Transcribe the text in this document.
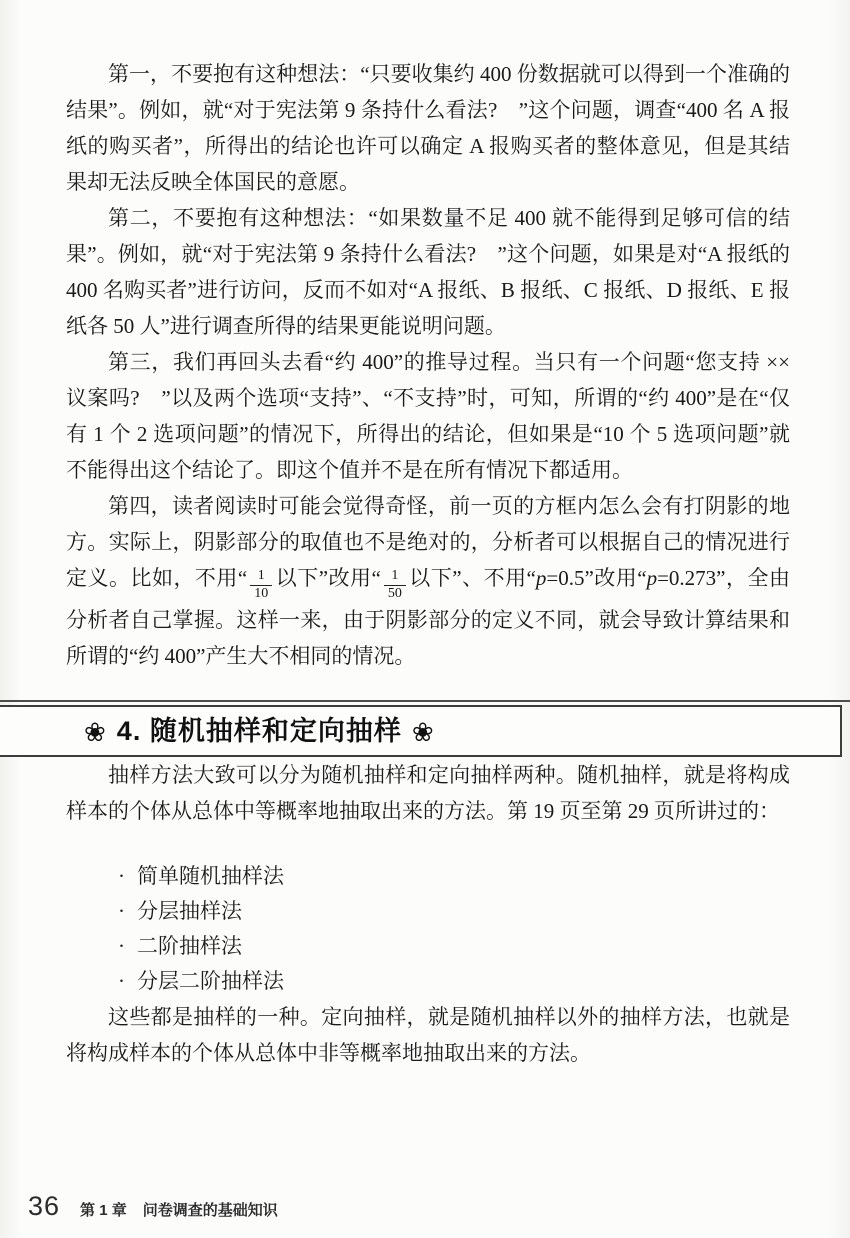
第一，不要抱有这种想法：“只要收集约 400 份数据就可以得到一个准确的结果”。例如，就“对于宪法第 9 条持什么看法?　”这个问题，调查“400 名 A 报纸的购买者”，所得出的结论也许可以确定 A 报购买者的整体意见，但是其结果却无法反映全体国民的意愿。

第二，不要抱有这种想法：“如果数量不足 400 就不能得到足够可信的结果”。例如，就“对于宪法第 9 条持什么看法?　”这个问题，如果是对“A 报纸的 400 名购买者”进行访问，反而不如对“A 报纸、B 报纸、C 报纸、D 报纸、E 报纸各 50 人”进行调查所得的结果更能说明问题。

第三，我们再回头去看“约 400”的推导过程。当只有一个问题“您支持 ×× 议案吗?　”以及两个选项“支持”、“不支持”时，可知，所谓的“约 400”是在“仅有 1 个 2 选项问题”的情况下，所得出的结论，但如果是“10 个 5 选项问题”就不能得出这个结论了。即这个值并不是在所有情况下都适用。

第四，读者阅读时可能会觉得奇怪，前一页的方框内怎么会有打阴影的地方。实际上，阴影部分的取值也不是绝对的，分析者可以根据自己的情况进行定义。比如，不用“ $\frac{1}{10}$ 以下”改用“ $\frac{1}{50}$ 以下”、不用“p=0.5”改用“p=0.273”，全由分析者自己掌握。这样一来，由于阴影部分的定义不同，就会导致计算结果和所谓的“约 400”产生大不相同的情况。

❀ 4. 随机抽样和定向抽样 ❀

抽样方法大致可以分为随机抽样和定向抽样两种。随机抽样，就是将构成样本的个体从总体中等概率地抽取出来的方法。第 19 页至第 29 页所讲过的：

· 简单随机抽样法
· 分层抽样法
· 二阶抽样法
· 分层二阶抽样法

这些都是抽样的一种。定向抽样，就是随机抽样以外的抽样方法，也就是将构成样本的个体从总体中非等概率地抽取出来的方法。

36 第 1 章 问卷调查的基础知识
